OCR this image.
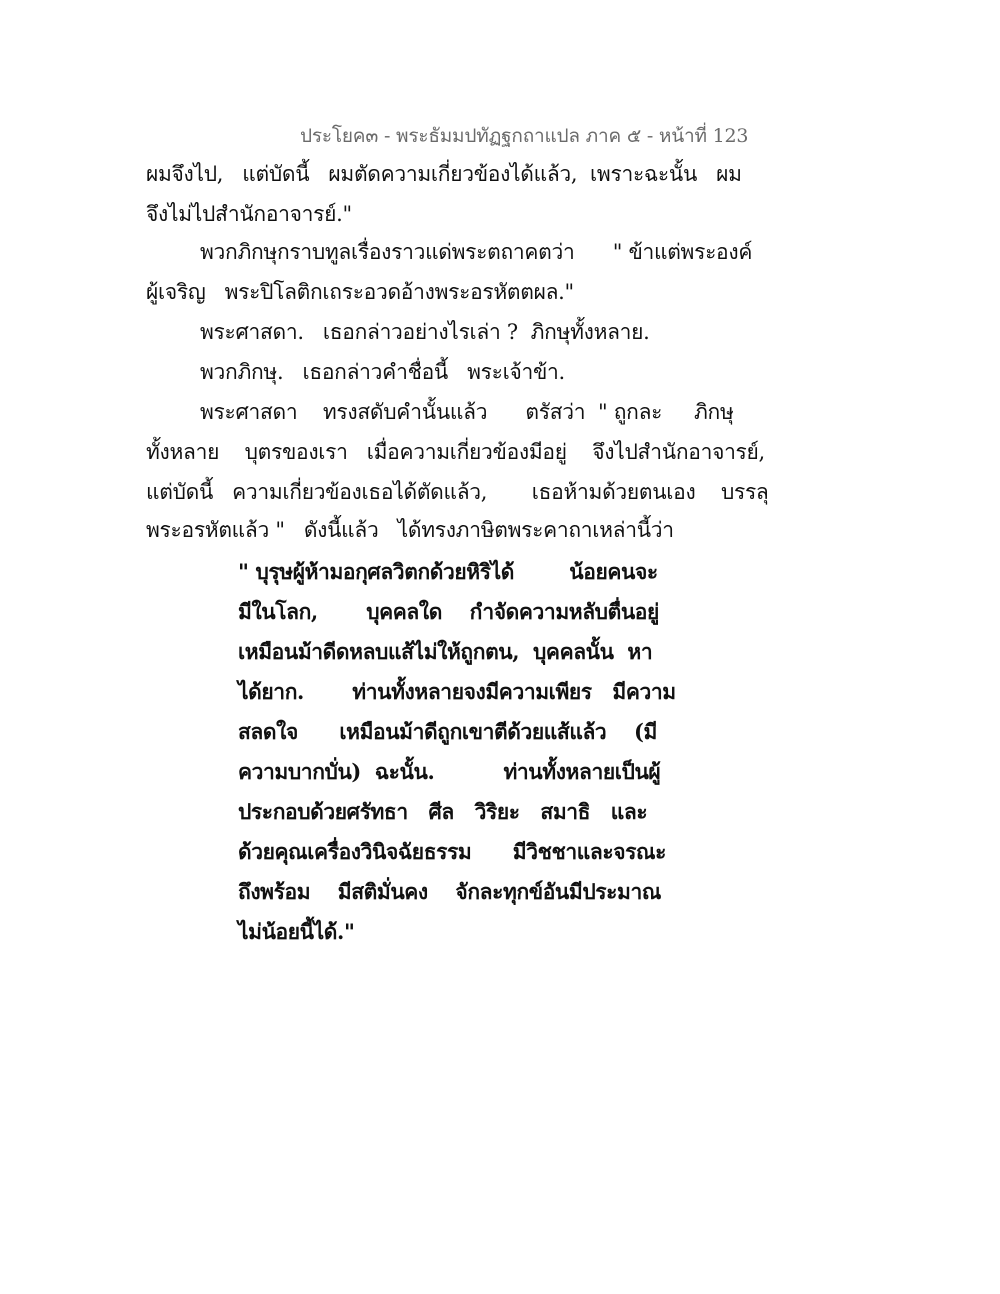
ประโยค๓ - พระธัมมปทัฏฐกถาแปล ภาค ๕ - หน้าที่ 123
ผมจึงไป,   แต่บัดนี้   ผมตัดความเกี่ยวข้องได้แล้ว,  เพราะฉะนั้น   ผม
จึงไม่ไปสำนักอาจารย์."
พวกภิกษุกราบทูลเรื่องราวแด่พระตถาคตว่า      " ข้าแต่พระองค์
ผู้เจริญ   พระปิโลติกเถระอวดอ้างพระอรหัตตผล."
พระศาสดา.   เธอกล่าวอย่างไรเล่า ?  ภิกษุทั้งหลาย.
พวกภิกษุ.   เธอกล่าวคำชื่อนี้   พระเจ้าข้า.
พระศาสดา    ทรงสดับคำนั้นแล้ว      ตรัสว่า  " ถูกละ     ภิกษุ
ทั้งหลาย    บุตรของเรา   เมื่อความเกี่ยวข้องมีอยู่    จึงไปสำนักอาจารย์,
แต่บัดนี้   ความเกี่ยวข้องเธอได้ตัดแล้ว,       เธอห้ามด้วยตนเอง    บรรลุ
พระอรหัตแล้ว "   ดังนี้แล้ว   ได้ทรงภาษิตพระคาถาเหล่านี้ว่า
" บุรุษผู้ห้ามอกุศลวิตกด้วยหิริได้        น้อยคนจะ
มีในโลก,       บุคคลใด    กำจัดความหลับตื่นอยู่
เหมือนม้าดีดหลบแส้ไม่ให้ถูกตน,  บุคคลนั้น  หา
ได้ยาก.       ท่านทั้งหลายจงมีความเพียร   มีความ
สลดใจ      เหมือนม้าดีถูกเขาตีด้วยแส้แล้ว    (มี
ความบากบั่น)  ฉะนั้น.          ท่านทั้งหลายเป็นผู้
ประกอบด้วยศรัทธา   ศีล   วิริยะ   สมาธิ   และ
ด้วยคุณเครื่องวินิจฉัยธรรม      มีวิชชาและจรณะ
ถึงพร้อม    มีสติมั่นคง    จักละทุกข์อันมีประมาณ
ไม่น้อยนี้ได้."
